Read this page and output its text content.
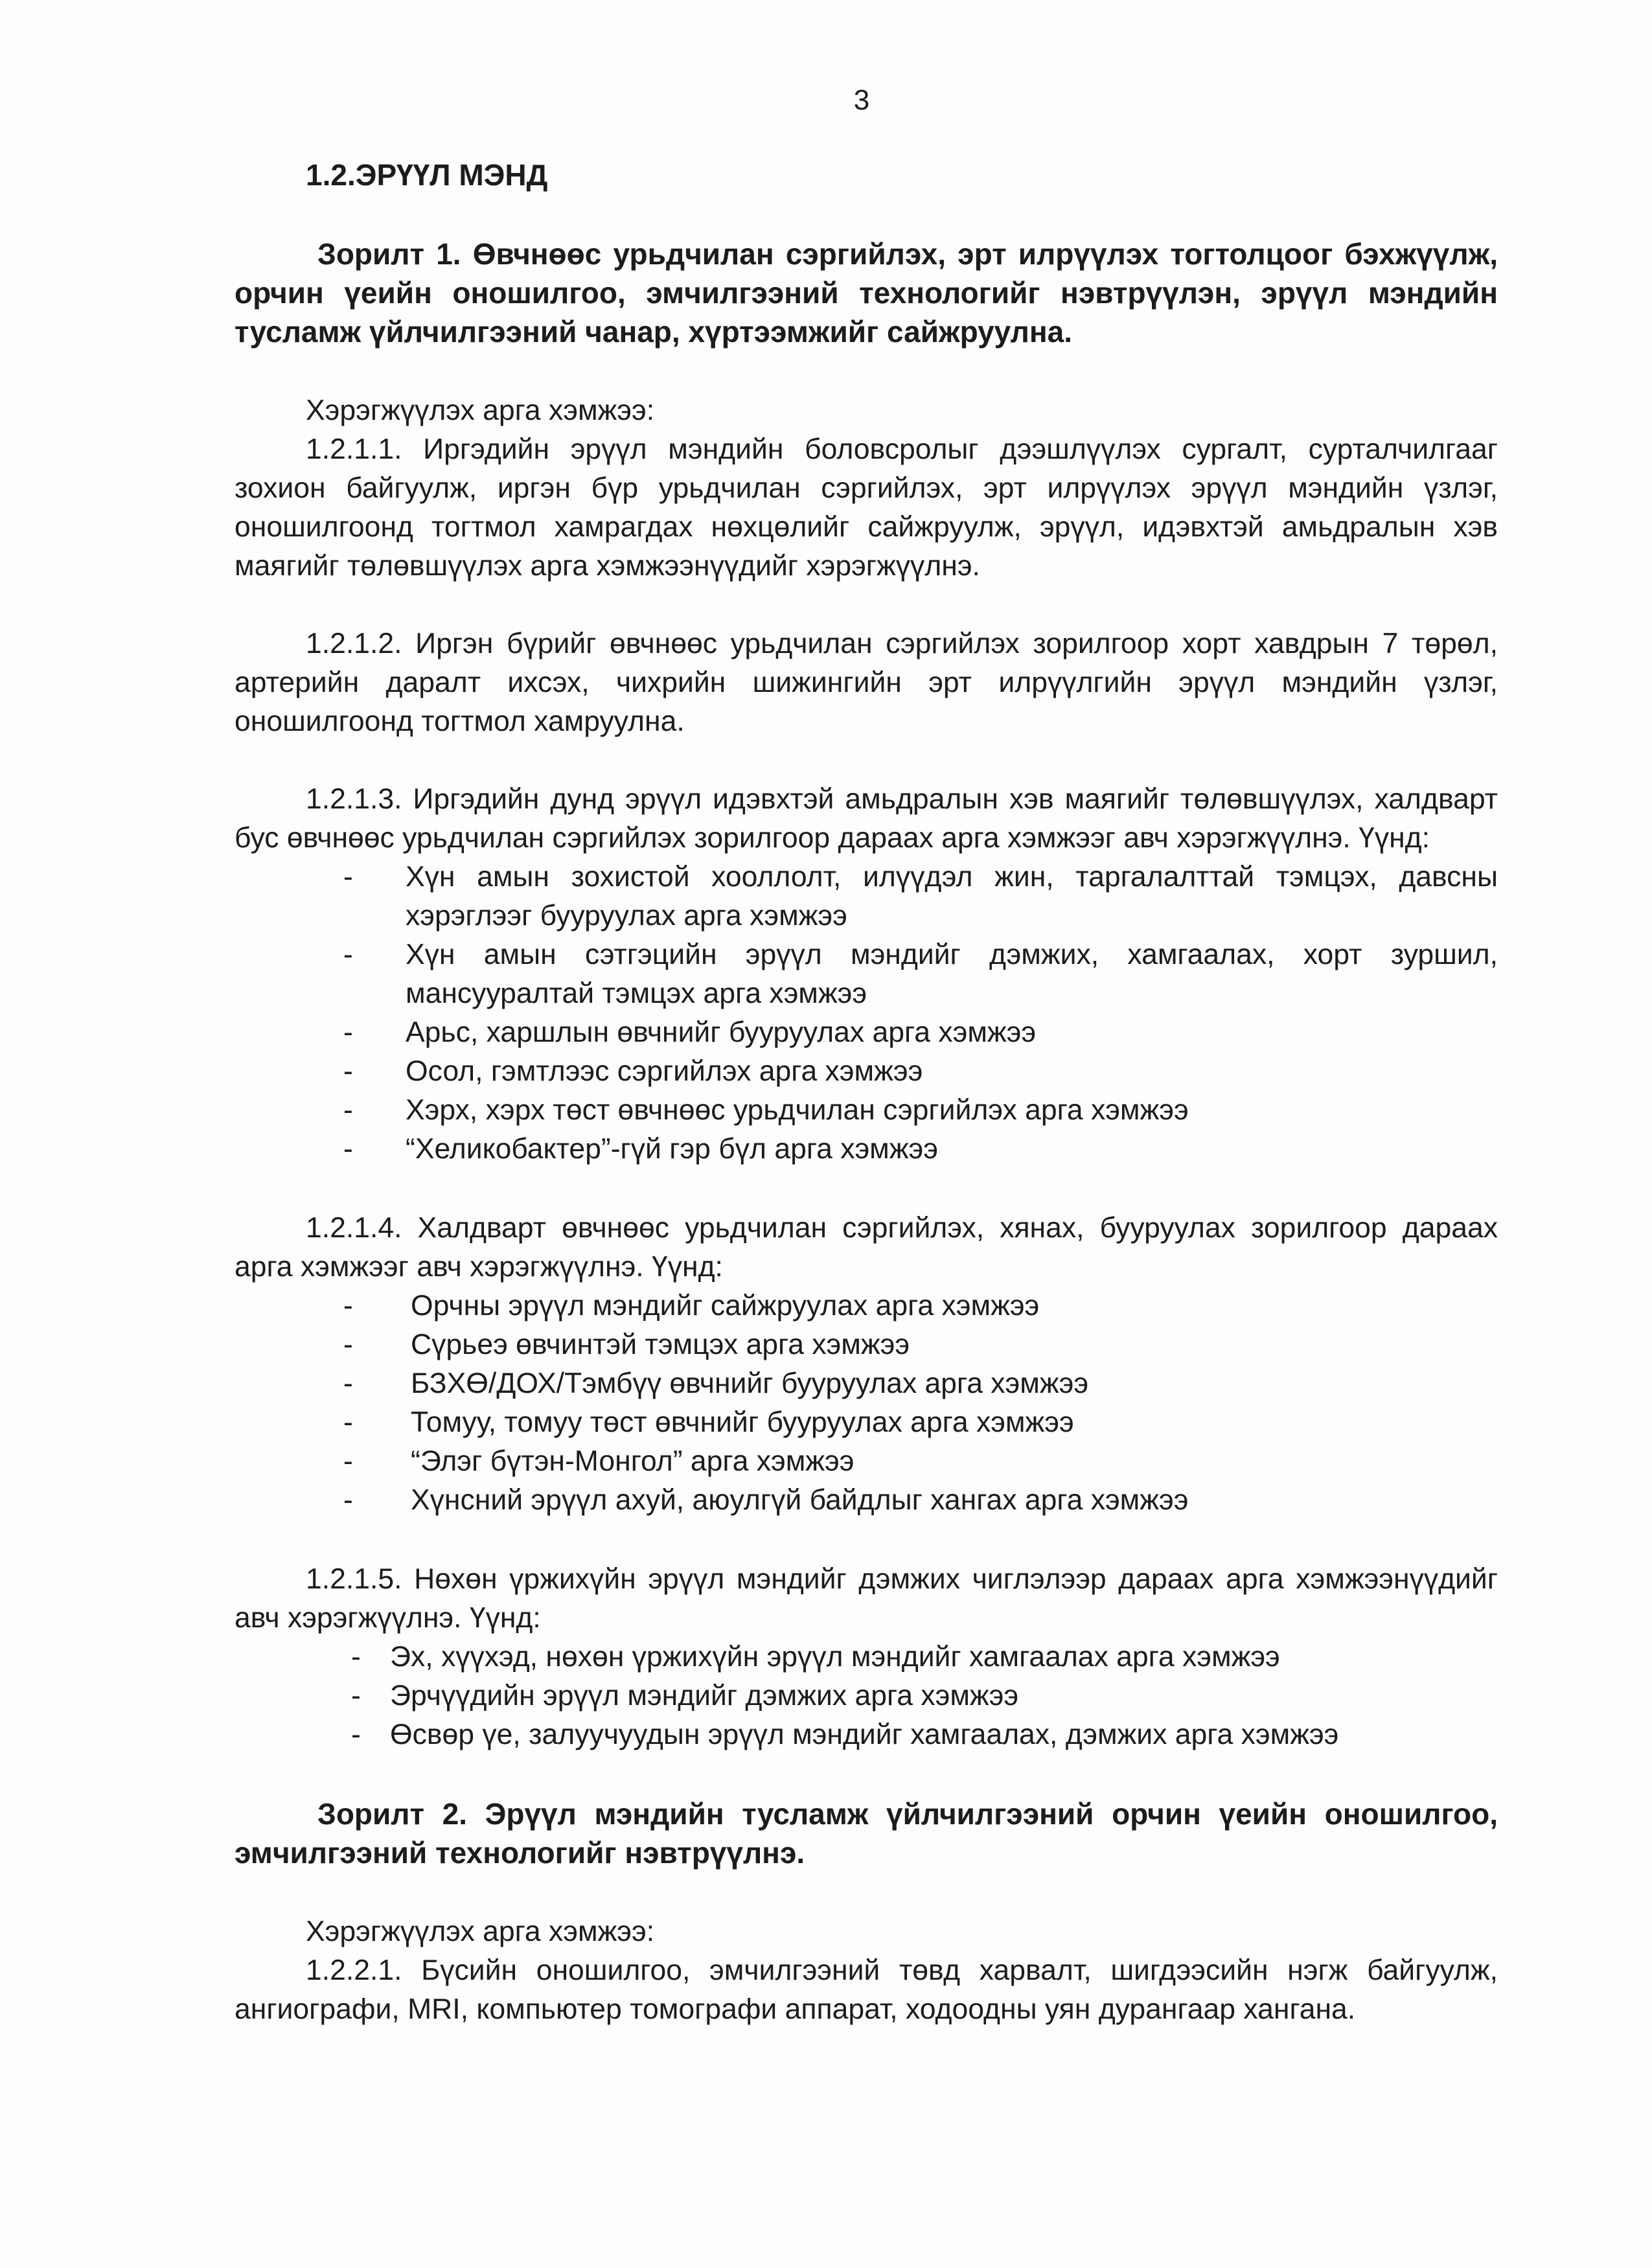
3
1.2.ЭРҮҮЛ МЭНД
Зорилт 1. Өвчнөөс урьдчилан сэргийлэх, эрт илрүүлэх тогтолцоог бэхжүүлж, орчин үеийн оношилгоо, эмчилгээний технологийг нэвтрүүлэн, эрүүл мэндийн тусламж үйлчилгээний чанар, хүртээмжийг сайжруулна.
Хэрэгжүүлэх арга хэмжээ:
1.2.1.1. Иргэдийн эрүүл мэндийн боловсролыг дээшлүүлэх сургалт, сурталчилгааг зохион байгуулж, иргэн бүр урьдчилан сэргийлэх, эрт илрүүлэх эрүүл мэндийн үзлэг, оношилгоонд тогтмол хамрагдах нөхцөлийг сайжруулж, эрүүл, идэвхтэй амьдралын хэв маягийг төлөвшүүлэх арга хэмжээнүүдийг хэрэгжүүлнэ.
1.2.1.2. Иргэн бүрийг өвчнөөс урьдчилан сэргийлэх зорилгоор хорт хавдрын 7 төрөл, артерийн даралт ихсэх, чихрийн шижингийн эрт илрүүлгийн эрүүл мэндийн үзлэг, оношилгоонд тогтмол хамруулна.
1.2.1.3. Иргэдийн дунд эрүүл идэвхтэй амьдралын хэв маягийг төлөвшүүлэх, халдварт бус өвчнөөс урьдчилан сэргийлэх зорилгоор дараах арга хэмжээг авч хэрэгжүүлнэ. Үүнд:
- Хүн амын зохистой хооллолт, илүүдэл жин, таргалалттай тэмцэх, давсны хэрэглээг бууруулах арга хэмжээ
- Хүн амын сэтгэцийн эрүүл мэндийг дэмжих, хамгаалах, хорт зуршил, мансууралтай тэмцэх арга хэмжээ
- Арьс, харшлын өвчнийг бууруулах арга хэмжээ
- Осол, гэмтлээс сэргийлэх арга хэмжээ
- Хэрх, хэрх төст өвчнөөс урьдчилан сэргийлэх арга хэмжээ
- “Хеликобактер”-гүй гэр бүл арга хэмжээ
1.2.1.4. Халдварт өвчнөөс урьдчилан сэргийлэх, хянах, бууруулах зорилгоор дараах арга хэмжээг авч хэрэгжүүлнэ. Үүнд:
- Орчны эрүүл мэндийг сайжруулах арга хэмжээ
- Сүрьеэ өвчинтэй тэмцэх арга хэмжээ
- БЗХӨ/ДОХ/Тэмбүү өвчнийг бууруулах арга хэмжээ
- Томуу, томуу төст өвчнийг бууруулах арга хэмжээ
- “Элэг бүтэн-Монгол” арга хэмжээ
- Хүнсний эрүүл ахуй, аюулгүй байдлыг хангах арга хэмжээ
1.2.1.5. Нөхөн үржихүйн эрүүл мэндийг дэмжих чиглэлээр дараах арга хэмжээнүүдийг авч хэрэгжүүлнэ. Үүнд:
- Эх, хүүхэд, нөхөн үржихүйн эрүүл мэндийг хамгаалах арга хэмжээ
- Эрчүүдийн эрүүл мэндийг дэмжих арга хэмжээ
- Өсвөр үе, залуучуудын эрүүл мэндийг хамгаалах, дэмжих арга хэмжээ
Зорилт 2. Эрүүл мэндийн тусламж үйлчилгээний орчин үеийн оношилгоо, эмчилгээний технологийг нэвтрүүлнэ.
Хэрэгжүүлэх арга хэмжээ:
1.2.2.1. Бүсийн оношилгоо, эмчилгээний төвд харвалт, шигдээсийн нэгж байгуулж, ангиографи, MRI, компьютер томографи аппарат, ходоодны уян дурангаар хангана.
